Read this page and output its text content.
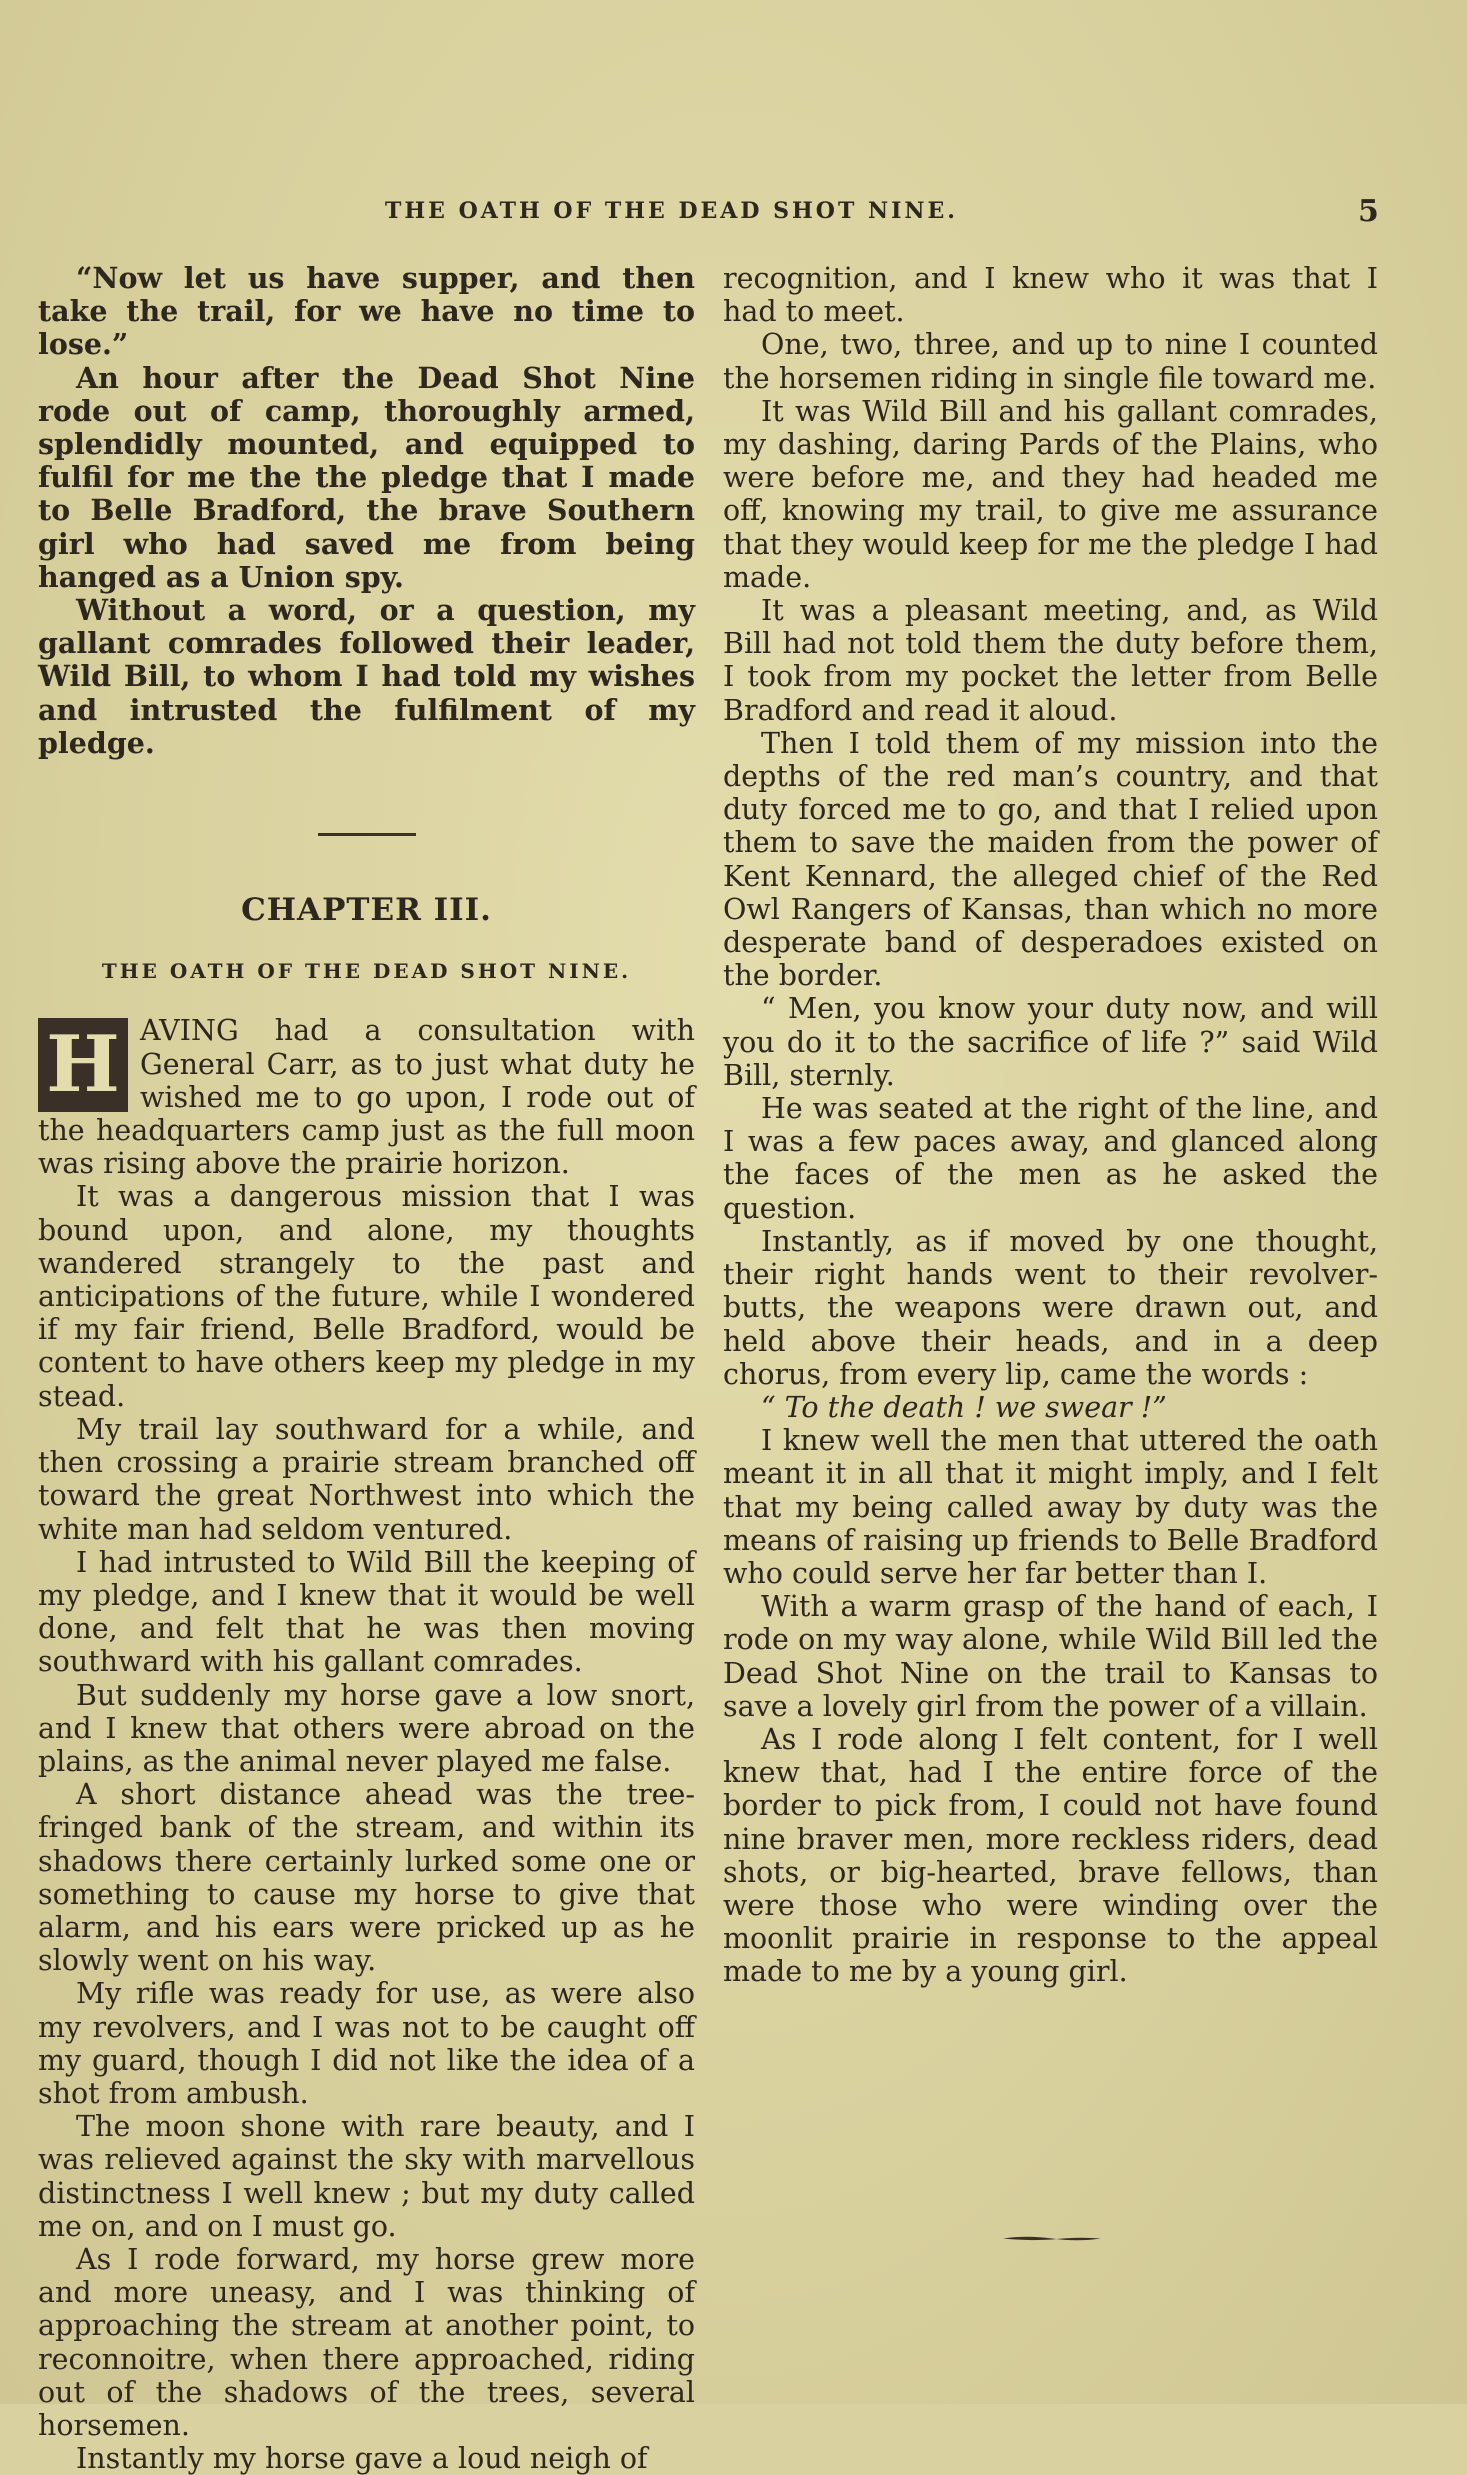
THE OATH OF THE DEAD SHOT NINE.	5

“Now let us have supper, and then take the trail, for we have no time to lose.”

An hour after the Dead Shot Nine rode out of camp, thoroughly armed, splendidly mounted, and equipped to fulfil for me the the pledge that I made to Belle Bradford, the brave Southern girl who had saved me from being hanged as a Union spy.

Without a word, or a question, my gallant comrades followed their leader, Wild Bill, to whom I had told my wishes and intrusted the fulfilment of my pledge.

CHAPTER III.
THE OATH OF THE DEAD SHOT NINE.

H AVING had a consultation with General Carr, as to just what duty he wished me to go upon, I rode out of the headquarters camp just as the full moon was rising above the prairie horizon.

It was a dangerous mission that I was bound upon, and alone, my thoughts wandered strangely to the past and anticipations of the future, while I wondered if my fair friend, Belle Bradford, would be content to have others keep my pledge in my stead.

My trail lay southward for a while, and then crossing a prairie stream branched off toward the great Northwest into which the white man had seldom ventured.

I had intrusted to Wild Bill the keeping of my pledge, and I knew that it would be well done, and felt that he was then moving southward with his gallant comrades.

But suddenly my horse gave a low snort, and I knew that others were abroad on the plains, as the animal never played me false.

A short distance ahead was the tree-fringed bank of the stream, and within its shadows there certainly lurked some one or something to cause my horse to give that alarm, and his ears were pricked up as he slowly went on his way.

My rifle was ready for use, as were also my revolvers, and I was not to be caught off my guard, though I did not like the idea of a shot from ambush.

The moon shone with rare beauty, and I was relieved against the sky with marvellous distinctness I well knew ; but my duty called me on, and on I must go.

As I rode forward, my horse grew more and more uneasy, and I was thinking of approaching the stream at another point, to reconnoitre, when there approached, riding out of the shadows of the trees, several horsemen.

Instantly my horse gave a loud neigh of

recognition, and I knew who it was that I had to meet.

One, two, three, and up to nine I counted the horsemen riding in single file toward me.

It was Wild Bill and his gallant comrades, my dashing, daring Pards of the Plains, who were before me, and they had headed me off, knowing my trail, to give me assurance that they would keep for me the pledge I had made.

It was a pleasant meeting, and, as Wild Bill had not told them the duty before them, I took from my pocket the letter from Belle Bradford and read it aloud.

Then I told them of my mission into the depths of the red man’s country, and that duty forced me to go, and that I relied upon them to save the maiden from the power of Kent Kennard, the alleged chief of the Red Owl Rangers of Kansas, than which no more desperate band of desperadoes existed on the border.

“ Men, you know your duty now, and will you do it to the sacrifice of life ?” said Wild Bill, sternly.

He was seated at the right of the line, and I was a few paces away, and glanced along the faces of the men as he asked the question.

Instantly, as if moved by one thought, their right hands went to their revolver-butts, the weapons were drawn out, and held above their heads, and in a deep chorus, from every lip, came the words :

“ To the death ! we swear !”

I knew well the men that uttered the oath meant it in all that it might imply, and I felt that my being called away by duty was the means of raising up friends to Belle Bradford who could serve her far better than I.

With a warm grasp of the hand of each, I rode on my way alone, while Wild Bill led the Dead Shot Nine on the trail to Kansas to save a lovely girl from the power of a villain.

As I rode along I felt content, for I well knew that, had I the entire force of the border to pick from, I could not have found nine braver men, more reckless riders, dead shots, or big-hearted, brave fellows, than were those who were winding over the moonlit prairie in response to the appeal made to me by a young girl.
